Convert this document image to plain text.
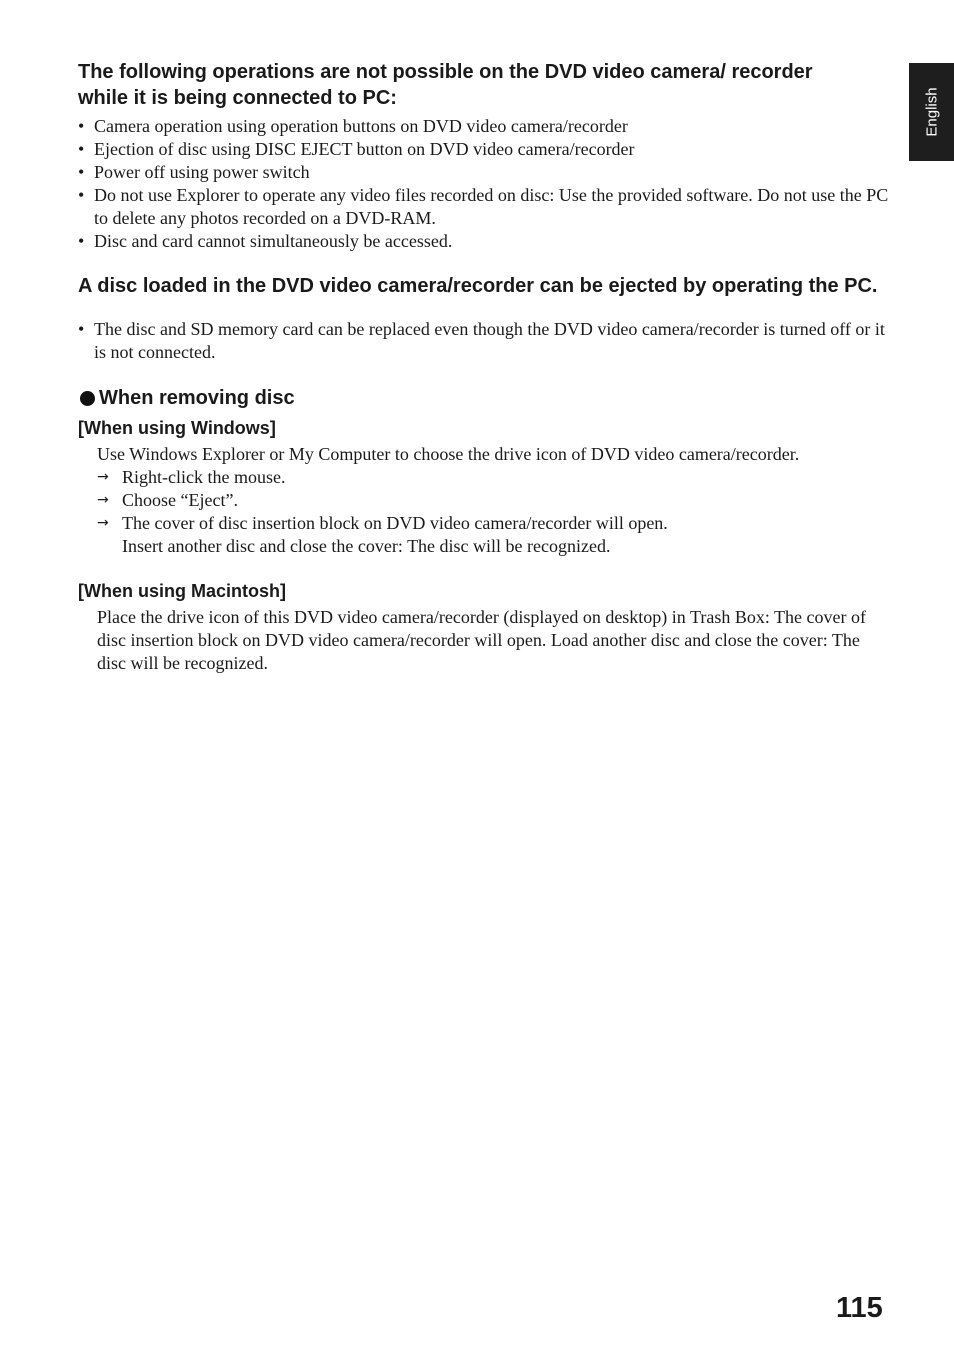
English
The following operations are not possible on the DVD video camera/ recorder while it is being connected to PC:
• Camera operation using operation buttons on DVD video camera/recorder
• Ejection of disc using DISC EJECT button on DVD video camera/recorder
• Power off using power switch
• Do not use Explorer to operate any video files recorded on disc: Use the provided software. Do not use the PC to delete any photos recorded on a DVD-RAM.
• Disc and card cannot simultaneously be accessed.
A disc loaded in the DVD video camera/recorder can be ejected by operating the PC.
• The disc and SD memory card can be replaced even though the DVD video camera/recorder is turned off or it is not connected.
When removing disc
[When using Windows]

Use Windows Explorer or My Computer to choose the drive icon of DVD video camera/recorder.

→ Right-click the mouse.
→ Choose “Eject”.
→ The cover of disc insertion block on DVD video camera/recorder will open.
Insert another disc and close the cover: The disc will be recognized.
[When using Macintosh]

Place the drive icon of this DVD video camera/recorder (displayed on desktop) in Trash Box: The cover of disc insertion block on DVD video camera/recorder will open. Load another disc and close the cover: The disc will be recognized.

115
